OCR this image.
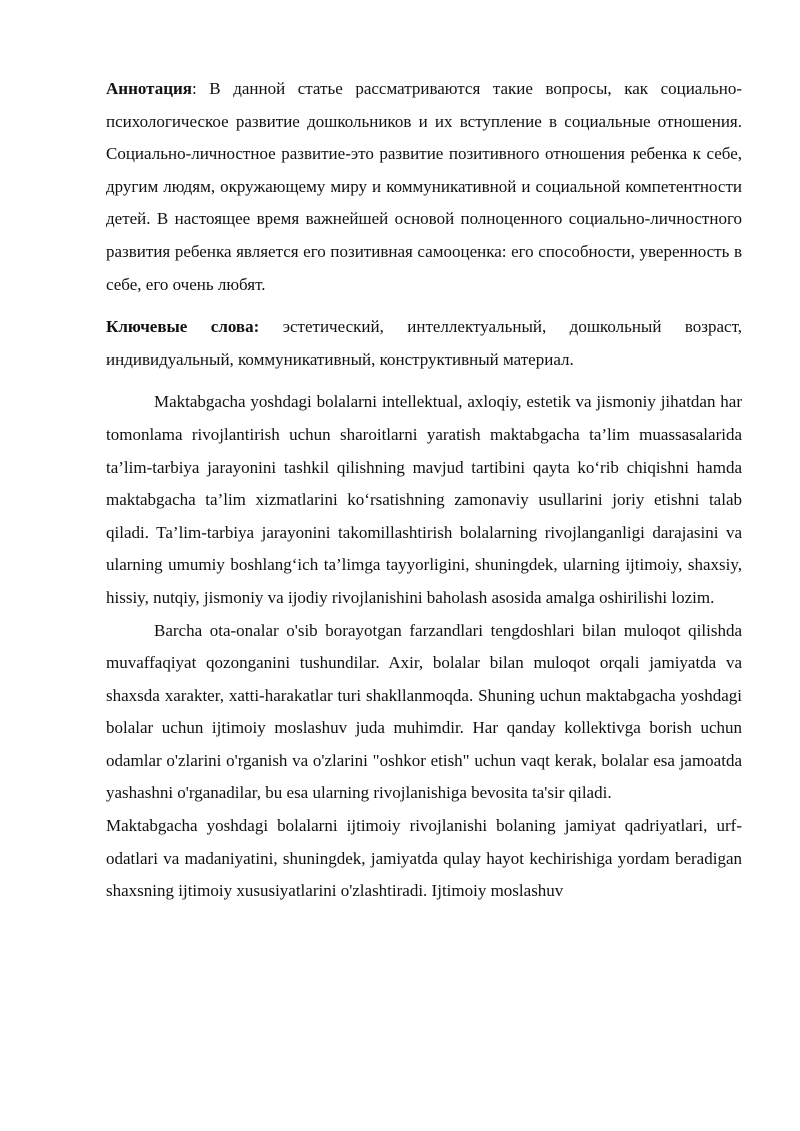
Аннотация: В данной статье рассматриваются такие вопросы, как социально-психологическое развитие дошкольников и их вступление в социальные отношения. Социально-личностное развитие-это развитие позитивного отношения ребенка к себе, другим людям, окружающему миру и коммуникативной и социальной компетентности детей. В настоящее время важнейшей основой полноценного социально-личностного развития ребенка является его позитивная самооценка: его способности, уверенность в себе, его очень любят.

Ключевые слова: эстетический, интеллектуальный, дошкольный возраст, индивидуальный, коммуникативный, конструктивный материал.

Maktabgacha yoshdagi bolalarni intellektual, axloqiy, estetik va jismoniy jihatdan har tomonlama rivojlantirish uchun sharoitlarni yaratish maktabgacha ta’lim muassasalarida ta’lim-tarbiya jarayonini tashkil qilishning mavjud tartibini qayta koʻrib chiqishni hamda maktabgacha ta’lim xizmatlarini koʻrsatishning zamonaviy usullarini joriy etishni talab qiladi. Ta’lim-tarbiya jarayonini takomillashtirish bolalarning rivojlanganligi darajasini va ularning umumiy boshlangʻich ta’limga tayyorligini, shuningdek, ularning ijtimoiy, shaxsiy, hissiy, nutqiy, jismoniy va ijodiy rivojlanishini baholash asosida amalga oshirilishi lozim.

Barcha ota-onalar o'sib borayotgan farzandlari tengdoshlari bilan muloqot qilishda muvaffaqiyat qozonganini tushundilar. Axir, bolalar bilan muloqot orqali jamiyatda va shaxsda xarakter, xatti-harakatlar turi shakllanmoqda. Shuning uchun maktabgacha yoshdagi bolalar uchun ijtimoiy moslashuv juda muhimdir. Har qanday kollektivga borish uchun odamlar o'zlarini o'rganish va o'zlarini "oshkor etish" uchun vaqt kerak, bolalar esa jamoatda yashashni o'rganadilar, bu esa ularning rivojlanishiga bevosita ta'sir qiladi.

Maktabgacha yoshdagi bolalarni ijtimoiy rivojlanishi bolaning jamiyat qadriyatlari, urf-odatlari va madaniyatini, shuningdek, jamiyatda qulay hayot kechirishiga yordam beradigan shaxsning ijtimoiy xususiyatlarini o'zlashtiradi. Ijtimoiy moslashuv
